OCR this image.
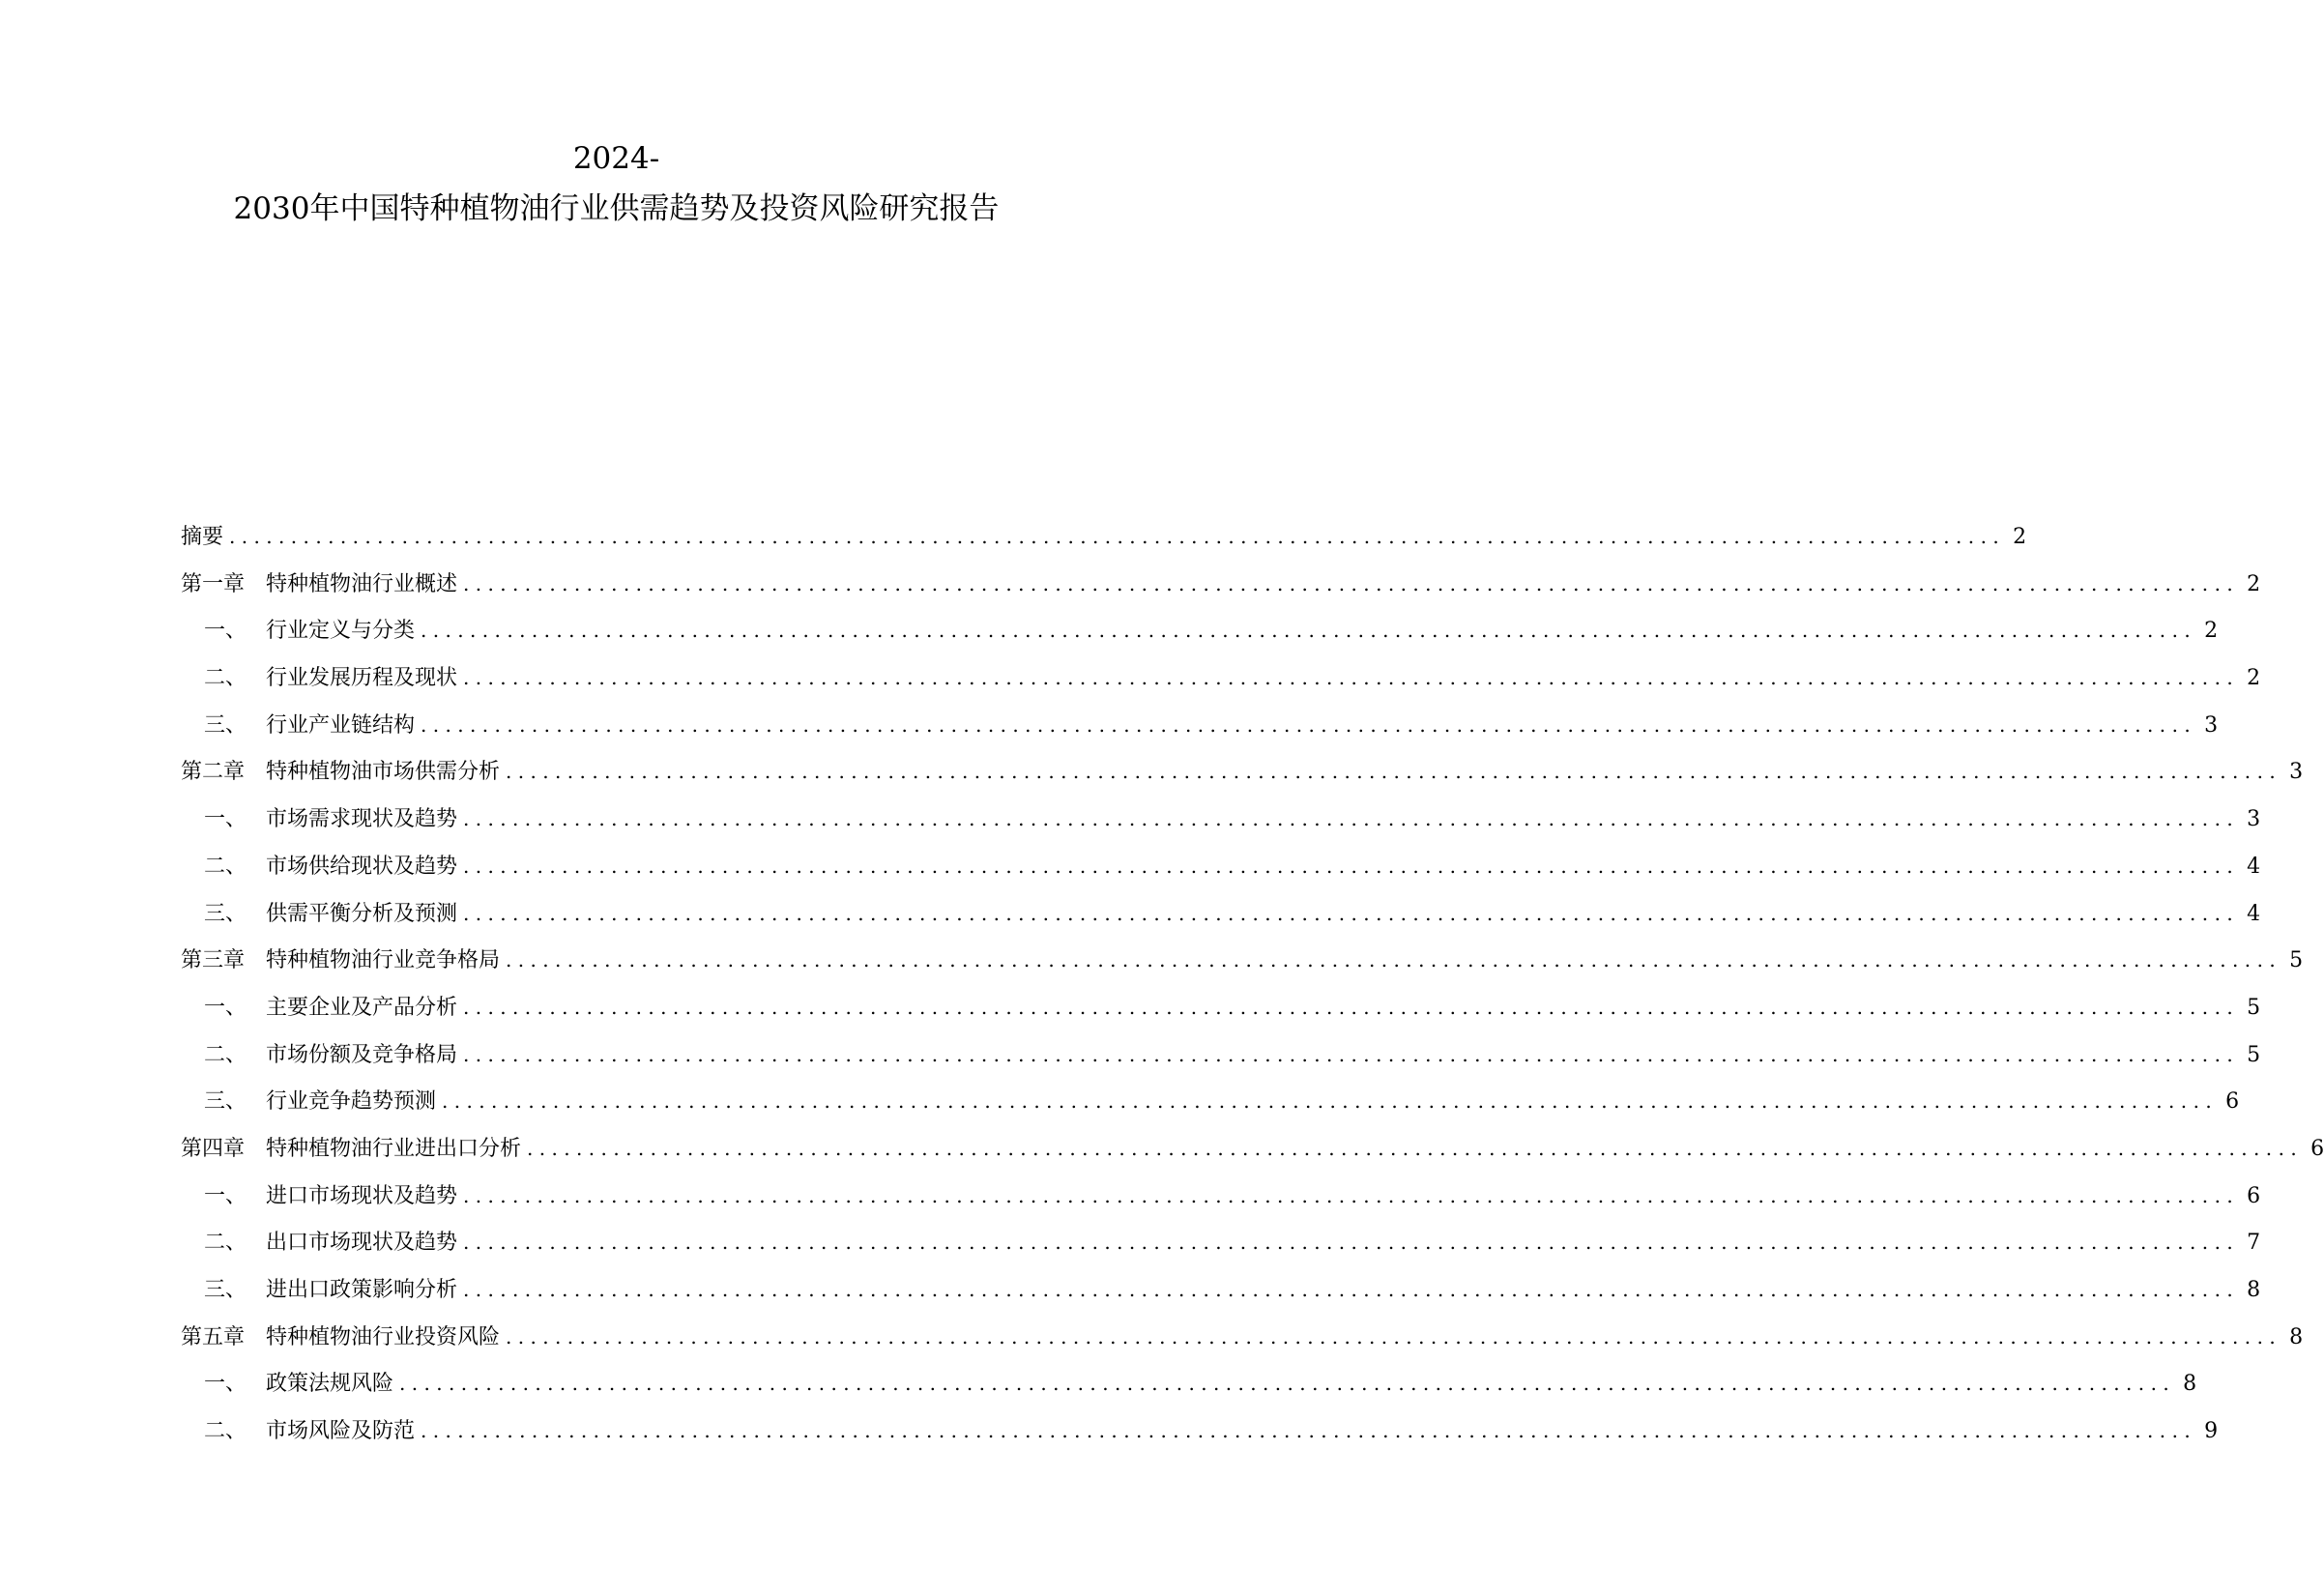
2024-
2030年中国特种植物油行业供需趋势及投资风险研究报告
摘要 ................................................................................................................................................ 2
第一章 特种植物油行业概述 ................................................................................................................................................ 2
一、 行业定义与分类 ................................................................................................................................................ 2
二、 行业发展历程及现状 ................................................................................................................................................ 2
三、 行业产业链结构 ................................................................................................................................................ 3
第二章 特种植物油市场供需分析 ................................................................................................................................................ 3
一、 市场需求现状及趋势 ................................................................................................................................................ 3
二、 市场供给现状及趋势 ................................................................................................................................................ 4
三、 供需平衡分析及预测 ................................................................................................................................................ 4
第三章 特种植物油行业竞争格局 ................................................................................................................................................ 5
一、 主要企业及产品分析 ................................................................................................................................................ 5
二、 市场份额及竞争格局 ................................................................................................................................................ 5
三、 行业竞争趋势预测 ................................................................................................................................................ 6
第四章 特种植物油行业进出口分析 ................................................................................................................................................ 6
一、 进口市场现状及趋势 ................................................................................................................................................ 6
二、 出口市场现状及趋势 ................................................................................................................................................ 7
三、 进出口政策影响分析 ................................................................................................................................................ 8
第五章 特种植物油行业投资风险 ................................................................................................................................................ 8
一、 政策法规风险 ................................................................................................................................................ 8
二、 市场风险及防范 ................................................................................................................................................ 9
